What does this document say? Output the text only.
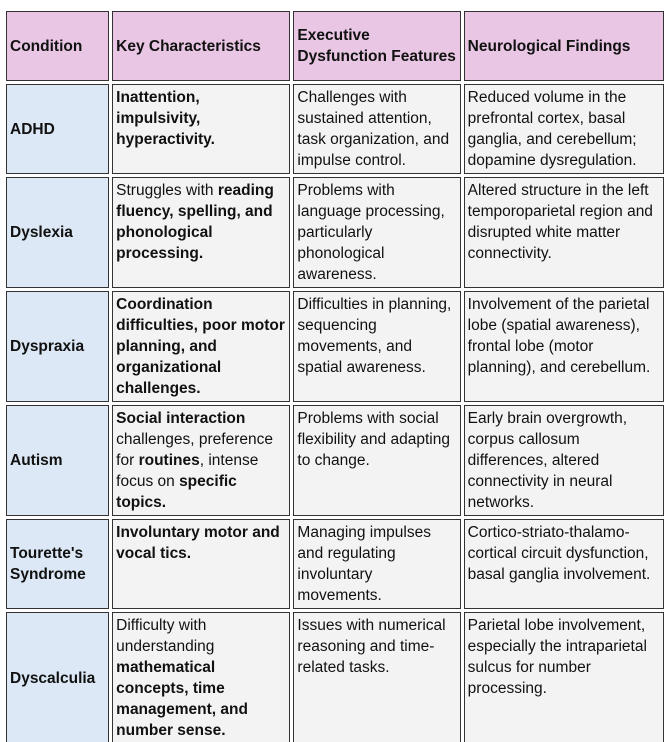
Condition	Key Characteristics	Executive Dysfunction Features	Neurological Findings
ADHD	Inattention, impulsivity, hyperactivity.	Challenges with sustained attention, task organization, and impulse control.	Reduced volume in the prefrontal cortex, basal ganglia, and cerebellum; dopamine dysregulation.
Dyslexia	Struggles with reading fluency, spelling, and phonological processing.	Problems with language processing, particularly phonological awareness.	Altered structure in the left temporoparietal region and disrupted white matter connectivity.
Dyspraxia	Coordination difficulties, poor motor planning, and organizational challenges.	Difficulties in planning, sequencing movements, and spatial awareness.	Involvement of the parietal lobe (spatial awareness), frontal lobe (motor planning), and cerebellum.
Autism	Social interaction challenges, preference for routines, intense focus on specific topics.	Problems with social flexibility and adapting to change.	Early brain overgrowth, corpus callosum differences, altered connectivity in neural networks.
Tourette's Syndrome	Involuntary motor and vocal tics.	Managing impulses and regulating involuntary movements.	Cortico-striato-thalamo-cortical circuit dysfunction, basal ganglia involvement.
Dyscalculia	Difficulty with understanding mathematical concepts, time management, and number sense.	Issues with numerical reasoning and time-related tasks.	Parietal lobe involvement, especially the intraparietal sulcus for number processing.
